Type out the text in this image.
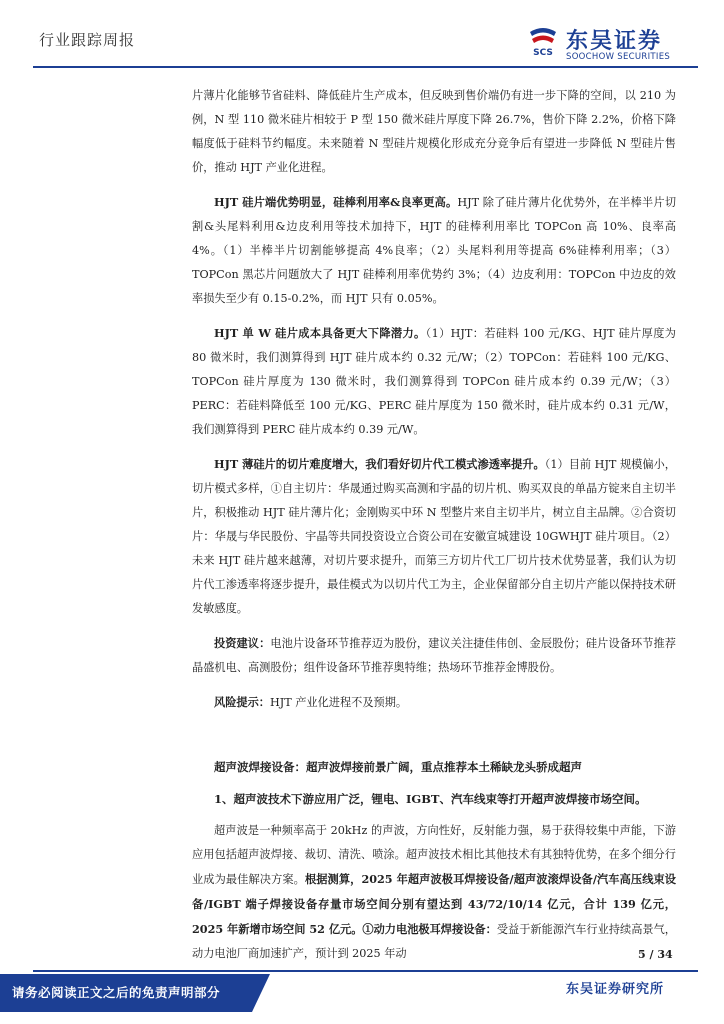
行业跟踪周报
SCS 东吴证券
SOOCHOW SECURITIES

片薄片化能够节省硅料、降低硅片生产成本，但反映到售价端仍有进一步下降的空间，以 210 为例，N 型 110 微米硅片相较于 P 型 150 微米硅片厚度下降 26.7%，售价下降 2.2%，价格下降幅度低于硅料节约幅度。未来随着 N 型硅片规模化形成充分竞争后有望进一步降低 N 型硅片售价，推动 HJT 产业化进程。

HJT 硅片端优势明显，硅棒利用率&良率更高。HJT 除了硅片薄片化优势外，在半棒半片切割&头尾料利用&边皮利用等技术加持下，HJT 的硅棒利用率比 TOPCon 高 10%、良率高 4%。（1）半棒半片切割能够提高 4%良率；（2）头尾料利用等提高 6%硅棒利用率；（3）TOPCon 黑芯片问题放大了 HJT 硅棒利用率优势约 3%；（4）边皮利用：TOPCon 中边皮的效率损失至少有 0.15-0.2%，而 HJT 只有 0.05%。

HJT 单 W 硅片成本具备更大下降潜力。（1）HJT：若硅料 100 元/KG、HJT 硅片厚度为 80 微米时，我们测算得到 HJT 硅片成本约 0.32 元/W；（2）TOPCon：若硅料 100 元/KG、TOPCon 硅片厚度为 130 微米时，我们测算得到 TOPCon 硅片成本约 0.39 元/W；（3）PERC：若硅料降低至 100 元/KG、PERC 硅片厚度为 150 微米时，硅片成本约 0.31 元/W，我们测算得到 PERC 硅片成本约 0.39 元/W。

HJT 薄硅片的切片难度增大，我们看好切片代工模式渗透率提升。（1）目前 HJT 规模偏小，切片模式多样，①自主切片：华晟通过购买高测和宇晶的切片机、购买双良的单晶方锭来自主切半片，积极推动 HJT 硅片薄片化；金刚购买中环 N 型整片来自主切半片，树立自主品牌。②合资切片：华晟与华民股份、宇晶等共同投资设立合资公司在安徽宣城建设 10GWHJT 硅片项目。（2）未来 HJT 硅片越来越薄，对切片要求提升，而第三方切片代工厂切片技术优势显著，我们认为切片代工渗透率将逐步提升，最佳模式为以切片代工为主，企业保留部分自主切片产能以保持技术研发敏感度。

投资建议：电池片设备环节推荐迈为股份，建议关注捷佳伟创、金辰股份；硅片设备环节推荐晶盛机电、高测股份；组件设备环节推荐奥特维；热场环节推荐金博股份。

风险提示：HJT 产业化进程不及预期。

超声波焊接设备：超声波焊接前景广阔，重点推荐本土稀缺龙头骄成超声

1、超声波技术下游应用广泛，锂电、IGBT、汽车线束等打开超声波焊接市场空间。

超声波是一种频率高于 20kHz 的声波，方向性好，反射能力强，易于获得较集中声能，下游应用包括超声波焊接、裁切、清洗、喷涂。超声波技术相比其他技术有其独特优势，在多个细分行业成为最佳解决方案。根据测算，2025 年超声波极耳焊接设备/超声波滚焊设备/汽车高压线束设备/IGBT 端子焊接设备存量市场空间分别有望达到 43/72/10/14 亿元，合计 139 亿元，2025 年新增市场空间 52 亿元。①动力电池极耳焊接设备：受益于新能源汽车行业持续高景气，动力电池厂商加速扩产，预计到 2025 年动	5 / 34
请务必阅读正文之后的免责声明部分	东吴证券研究所
